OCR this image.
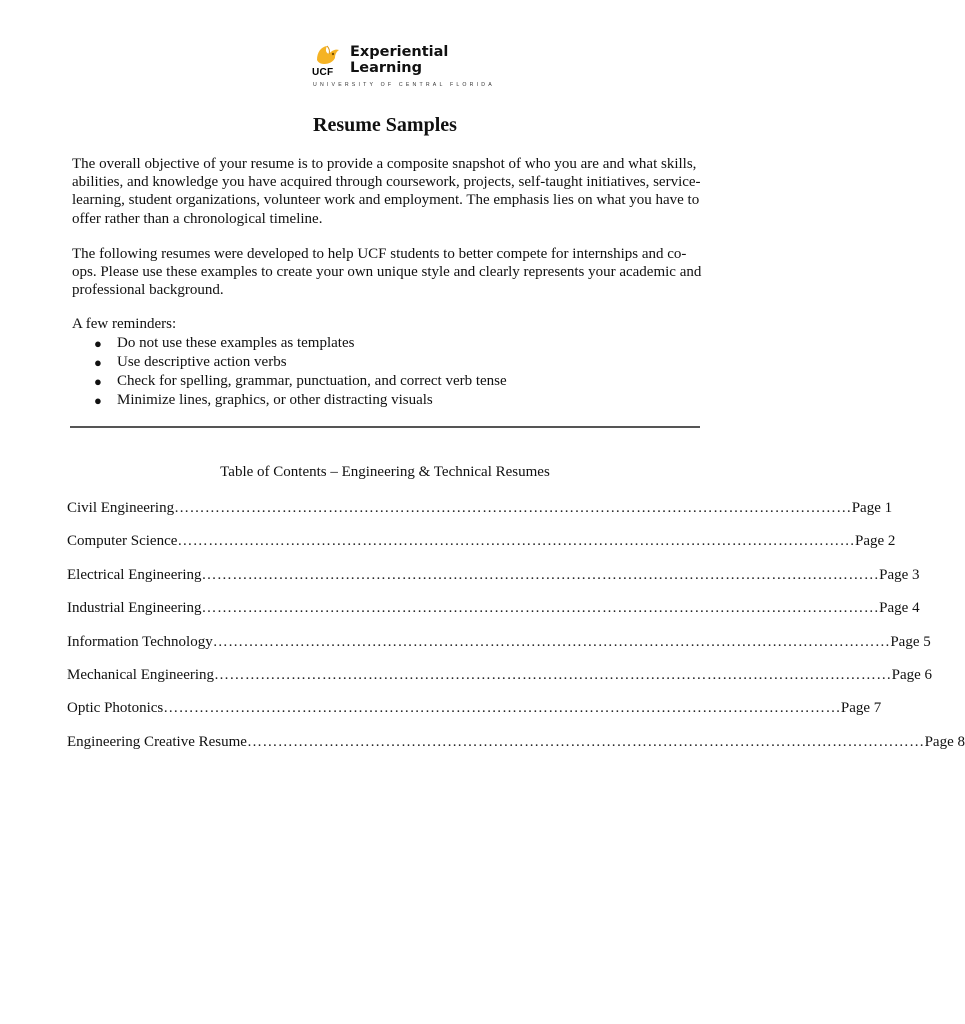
UCF
Experiential
Learning
UNIVERSITY OF CENTRAL FLORIDA
Resume Samples
The overall objective of your resume is to provide a composite snapshot of who you are and what skills, abilities, and knowledge you have acquired through coursework, projects, self-taught initiatives, service-learning, student organizations, volunteer work and employment. The emphasis lies on what you have to offer rather than a chronological timeline.
The following resumes were developed to help UCF students to better compete for internships and co-ops. Please use these examples to create your own unique style and clearly represents your academic and professional background.
A few reminders:
● Do not use these examples as templates
● Use descriptive action verbs
● Check for spelling, grammar, punctuation, and correct verb tense
● Minimize lines, graphics, or other distracting visuals
Table of Contents – Engineering & Technical Resumes
Civil Engineering …………………………………………………………………………………………………………………… Page 1
Computer Science …………………………………………………………………………………………………………………… Page 2
Electrical Engineering …………………………………………………………………………………………………………………… Page 3
Industrial Engineering …………………………………………………………………………………………………………………… Page 4
Information Technology …………………………………………………………………………………………………………………… Page 5
Mechanical Engineering …………………………………………………………………………………………………………………… Page 6
Optic Photonics …………………………………………………………………………………………………………………… Page 7
Engineering Creative Resume …………………………………………………………………………………………………………………… Page 8
